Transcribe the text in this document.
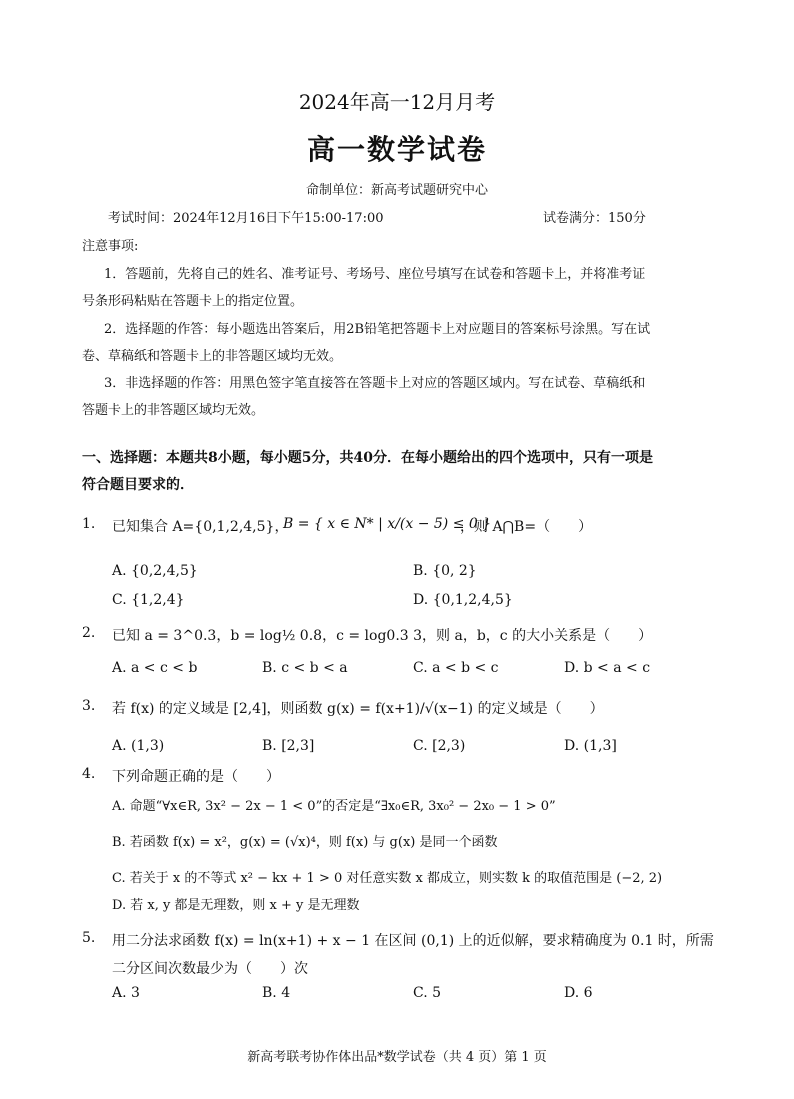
2024年高一12月月考
高一数学试卷
命制单位：新高考试题研究中心
考试时间：2024年12月16日下午15:00-17:00	试卷满分：150分
注意事项:
1．答题前，先将自己的姓名、准考证号、考场号、座位号填写在试卷和答题卡上，并将准考证
号条形码粘贴在答题卡上的指定位置。
2．选择题的作答：每小题选出答案后，用2B铅笔把答题卡上对应题目的答案标号涂黑。写在试
卷、草稿纸和答题卡上的非答题区域均无效。
3．非选择题的作答：用黑色签字笔直接答在答题卡上对应的答题区域内。写在试卷、草稿纸和
答题卡上的非答题区域均无效。
一、选择题：本题共8小题，每小题5分，共40分．在每小题给出的四个选项中，只有一项是
符合题目要求的．
1. 已知集合 A={0,1,2,4,5}，
B = { x ∈ N* | x/(x − 5) ≤ 0 }
，则 A⋂B=（　　）
A. {0,2,4,5}	B. {0, 2}
C. {1,2,4}	D. {0,1,2,4,5}
2. 已知 a = 3^0.3，b = log½ 0.8，c = log0.3 3，则 a，b，c 的大小关系是（　　）
A. a < c < b	B. c < b < a	C. a < b < c	D. b < a < c
3. 若 f(x) 的定义域是 [2,4]，则函数 g(x) = f(x+1)/√(x−1) 的定义域是（　　）
A. (1,3)	B. [2,3]	C. [2,3)	D. (1,3]
4. 下列命题正确的是（　　）
A. 命题“∀x∈R, 3x² − 2x − 1 < 0”的否定是“∃x₀∈R, 3x₀² − 2x₀ − 1 > 0”
B. 若函数 f(x) = x²，g(x) = (√x)⁴，则 f(x) 与 g(x) 是同一个函数
C. 若关于 x 的不等式 x² − kx + 1 > 0 对任意实数 x 都成立，则实数 k 的取值范围是 (−2, 2)
D. 若 x, y 都是无理数，则 x + y 是无理数
5. 用二分法求函数 f(x) = ln(x+1) + x − 1 在区间 (0,1) 上的近似解，要求精确度为 0.1 时，所需
二分区间次数最少为（　　）次
A. 3	B. 4	C. 5	D. 6
新高考联考协作体出品*数学试卷（共 4 页）第 1 页
